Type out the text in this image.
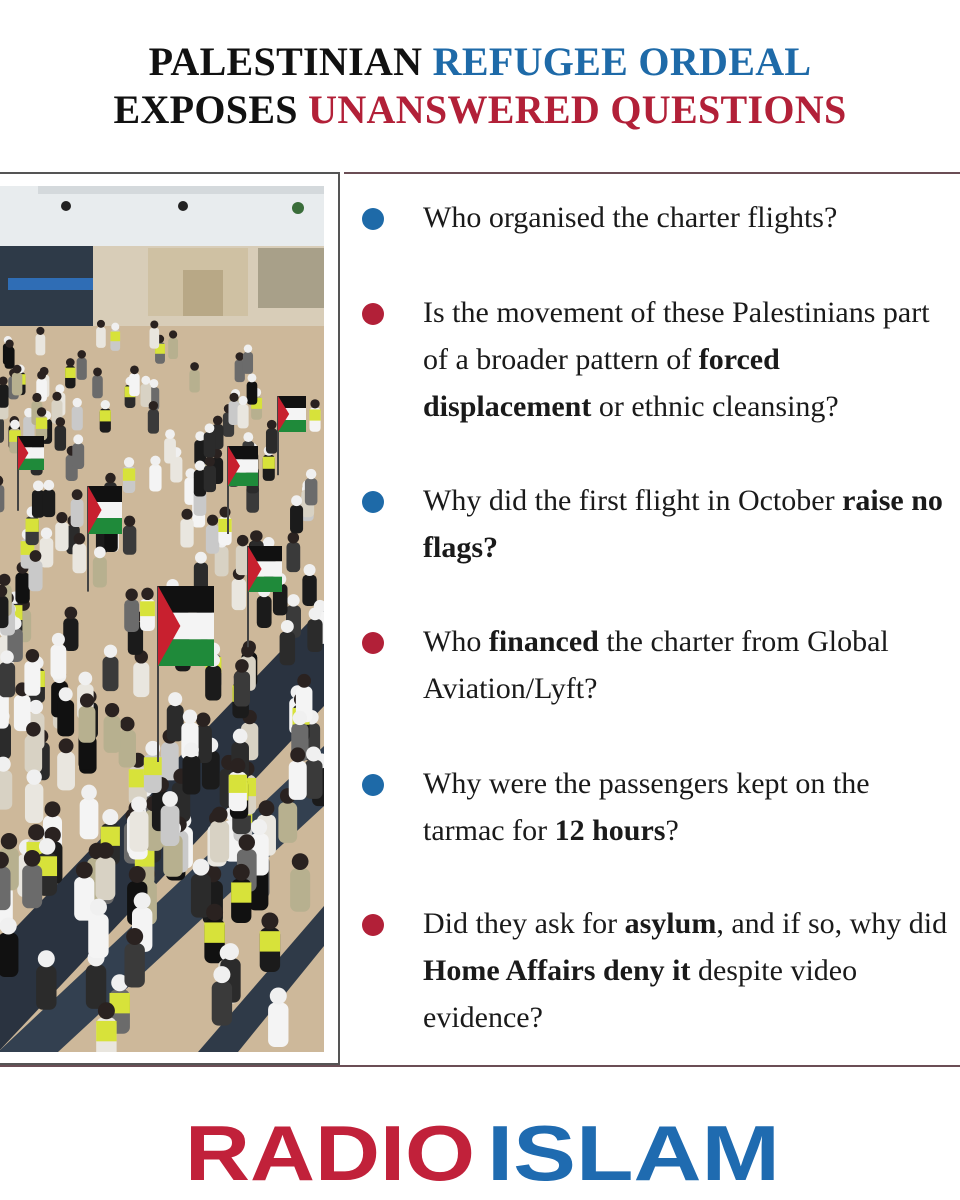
PALESTINIAN REFUGEE ORDEAL
EXPOSES UNANSWERED QUESTIONS
Who organised the charter flights?
Is the movement of these Palestinians part of a broader pattern of forced displacement or ethnic cleansing?
Why did the first flight in October raise no flags?
Who financed the charter from Global Aviation/Lyft?
Why were the passengers kept on the tarmac for 12 hours?
Did they ask for asylum, and if so, why did Home Affairs deny it despite video evidence?
RADIO ISLAM
